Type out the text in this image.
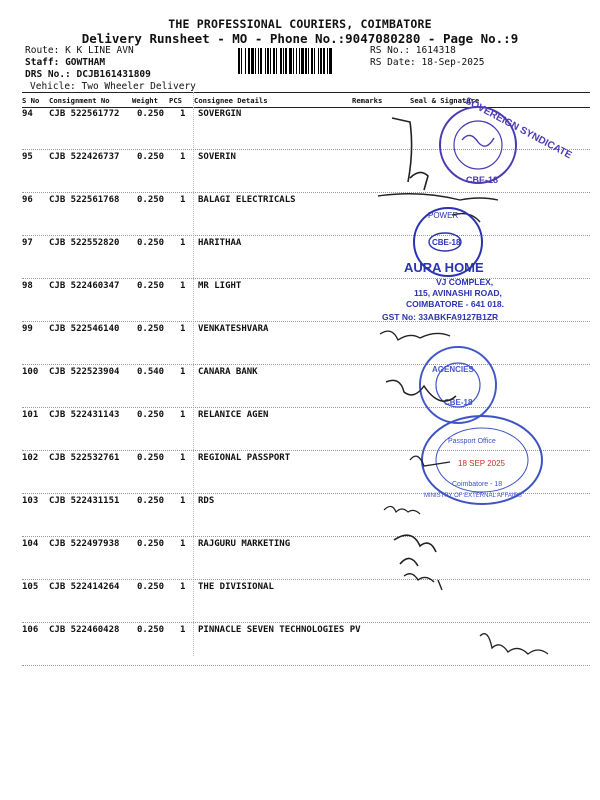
THE PROFESSIONAL COURIERS, COIMBATORE
Delivery Runsheet - MO - Phone No.:9047080280 - Page No.:9
Route: K K LINE AVN
Staff: GOWTHAM
DRS No.: DCJB161431809
Vehicle: Two Wheeler Delivery
RS No.: 1614318
RS Date: 18-Sep-2025
S No Consignment No	Weight PCS Consignee Details	Remarks	Seal & Signature
94 CJB 522561772 0.250 1 SOVERGIN
95 CJB 522426737 0.250 1 SOVERIN
96 CJB 522561768 0.250 1 BALAGI ELECTRICALS
97 CJB 522552820 0.250 1 HARITHAA
98 CJB 522460347 0.250 1 MR LIGHT
99 CJB 522546140 0.250 1 VENKATESHVARA
100 CJB 522523904 0.540 1 CANARA BANK
101 CJB 522431143 0.250 1 RELANICE AGEN
102 CJB 522532761 0.250 1 REGIONAL PASSPORT
103 CJB 522431151 0.250 1 RDS
104 CJB 522497938 0.250 1 RAJGURU MARKETING
105 CJB 522414264 0.250 1 THE DIVISIONAL
106 CJB 522460428 0.250 1 PINNACLE SEVEN TECHNOLOGIES PV
SOVEREIGN SYNDICATE
CBE-18
POWER
CBE-18
AURA HOME
VJ COMPLEX,
115, AVINASHI ROAD,
COIMBATORE - 641 018.
GST No: 33ABKFA9127B1ZR
AGENCIES
CBE-18
Passport Office
18 SEP 2025
Coimbatore - 18
MINISTRY OF EXTERNAL AFFAIRS
